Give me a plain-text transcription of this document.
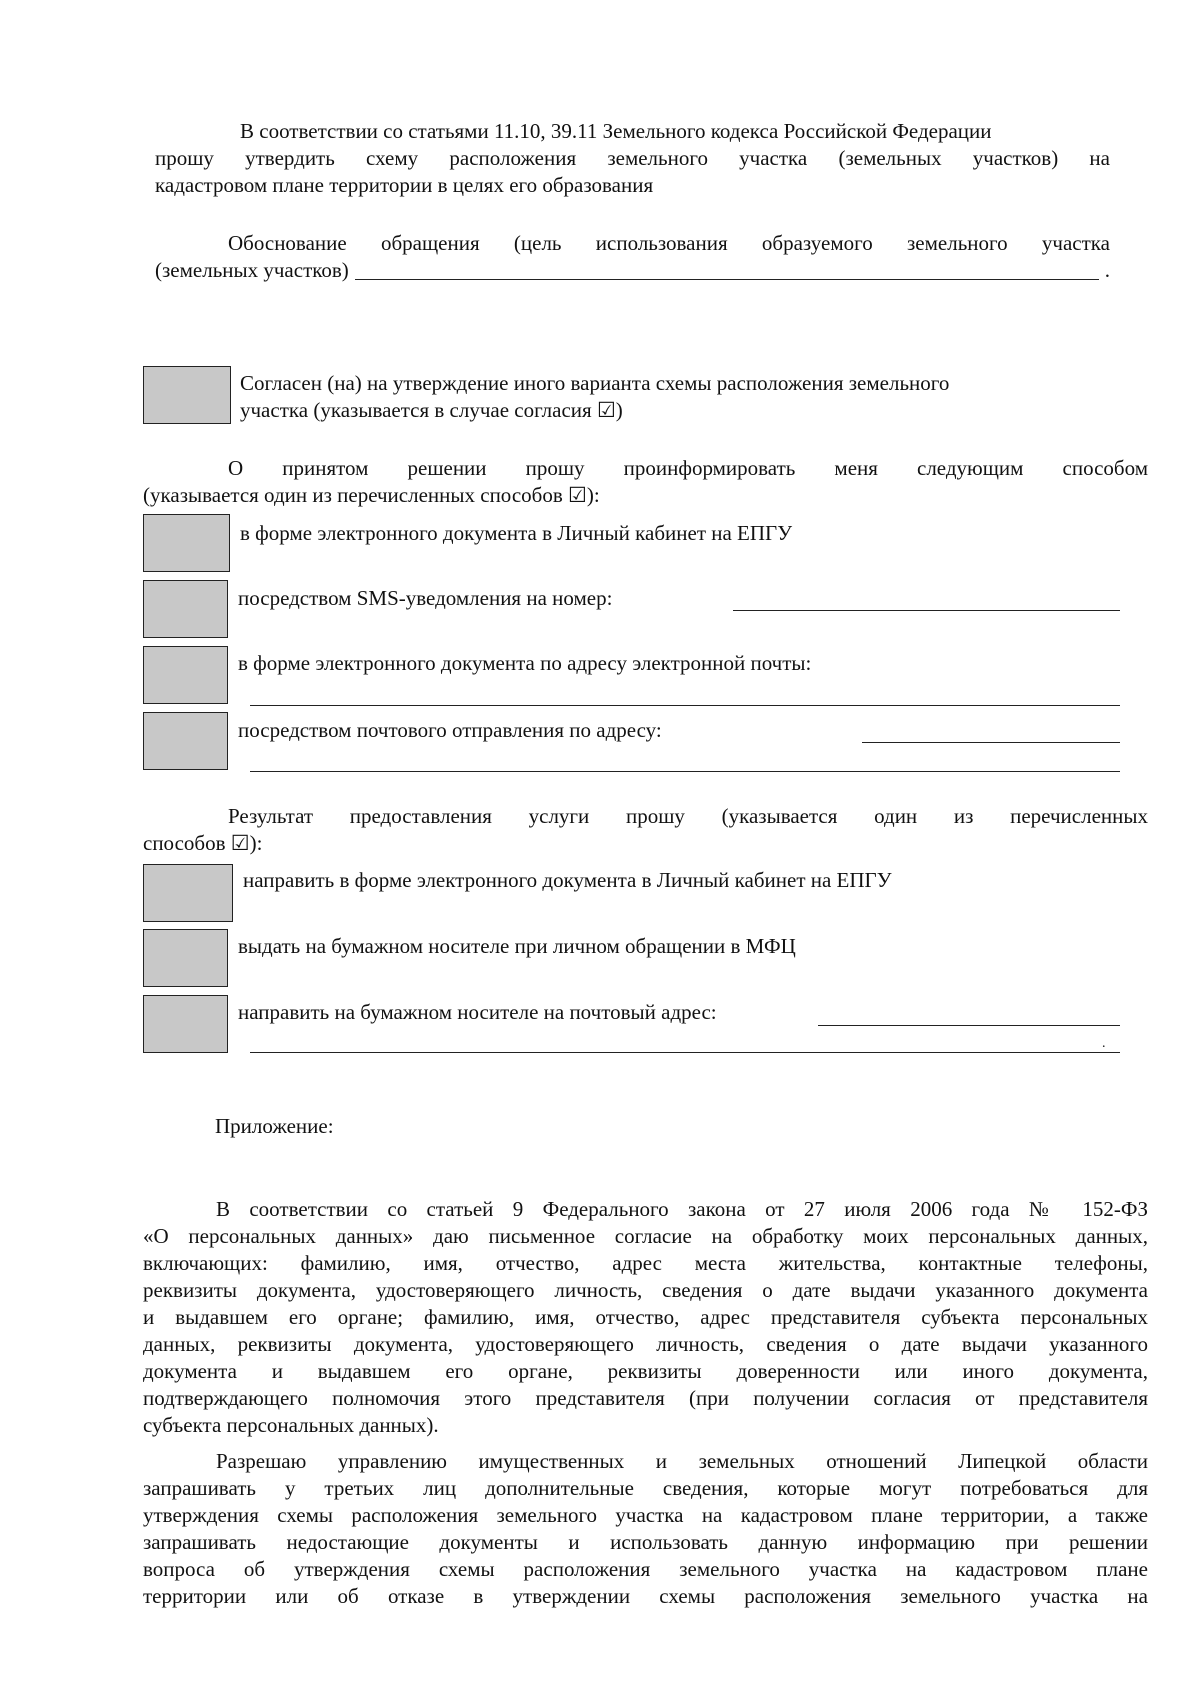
В соответствии со статьями 11.10, 39.11 Земельного кодекса Российской Федерации

прошу утвердить схему расположения земельного участка (земельных участков) на

кадастровом плане территории в целях его образования

Обоснование обращения (цель использования образуемого земельного участка

(земельных участков)	.

Согласен (на) на утверждение иного варианта схемы расположения земельного

участка (указывается в случае согласия ☑)

О принятом решении прошу проинформировать меня следующим способом

(указывается один из перечисленных способов ☑):

в форме электронного документа в Личный кабинет на ЕПГУ
посредством SMS-уведомления на номер:
в форме электронного документа по адресу электронной почты:
посредством почтового отправления по адресу:

Результат предоставления услуги прошу (указывается один из перечисленных

способов ☑):

направить в форме электронного документа в Личный кабинет на ЕПГУ
выдать на бумажном носителе при личном обращении в МФЦ
направить на бумажном носителе на почтовый адрес:
.
Приложение:

В соответствии со статьей 9 Федерального закона от 27 июля 2006 года № 152-ФЗ

«О персональных данных» даю письменное согласие на обработку моих персональных данных,

включающих: фамилию, имя, отчество, адрес места жительства, контактные телефоны,

реквизиты документа, удостоверяющего личность, сведения о дате выдачи указанного документа

и выдавшем его органе; фамилию, имя, отчество, адрес представителя субъекта персональных

данных, реквизиты документа, удостоверяющего личность, сведения о дате выдачи указанного

документа и выдавшем его органе, реквизиты доверенности или иного документа,

подтверждающего полномочия этого представителя (при получении согласия от представителя

субъекта персональных данных).

Разрешаю управлению имущественных и земельных отношений Липецкой области

запрашивать у третьих лиц дополнительные сведения, которые могут потребоваться для

утверждения схемы расположения земельного участка на кадастровом плане территории, а также

запрашивать недостающие документы и использовать данную информацию при решении

вопроса об утверждения схемы расположения земельного участка на кадастровом плане

территории или об отказе в утверждении схемы расположения земельного участка на
